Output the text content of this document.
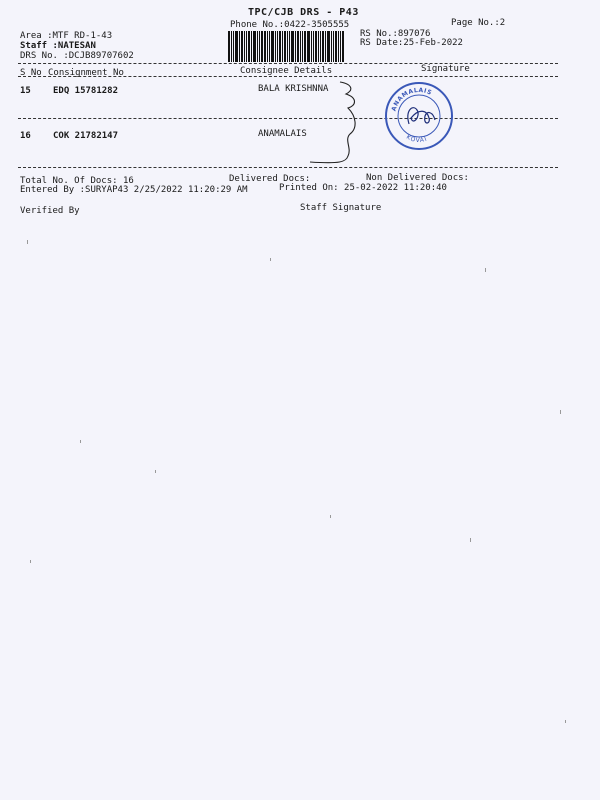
TPC/CJB DRS - P43
Phone No.:0422-3505555	Page No.:2
Area :MTF RD-1-43
Staff :NATESAN
DRS No. :DCJB89707602
RS No.:897076
RS Date:25-Feb-2022
S No Consignment No	Consignee Details	Signature
15 EDQ 15781282	BALA KRISHNNA
16 COK 21782147	ANAMALAIS
ANAMALAIS
KOVAI
Total No. Of Docs: 16	Delivered Docs:	Non Delivered Docs:
Entered By :SURYAP43 2/25/2022 11:20:29 AM	Printed On: 25-02-2022 11:20:40
Verified By	Staff Signature
